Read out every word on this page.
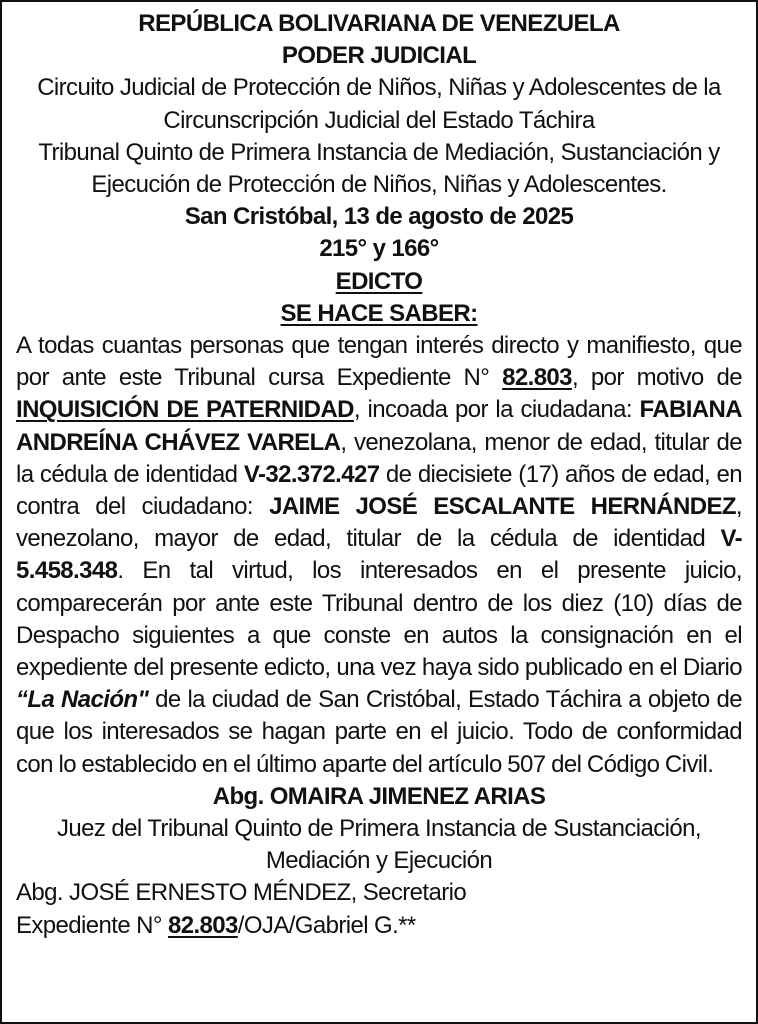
REPÚBLICA BOLIVARIANA DE VENEZUELA
PODER JUDICIAL
Circuito Judicial de Protección de Niños, Niñas y Adolescentes de la
Circunscripción Judicial del Estado Táchira
Tribunal Quinto de Primera Instancia de Mediación, Sustanciación y
Ejecución de Protección de Niños, Niñas y Adolescentes.
San Cristóbal, 13 de agosto de 2025
215° y 166°
EDICTO
SE HACE SABER:
A todas cuantas personas que tengan interés directo y manifiesto, que por ante este Tribunal cursa Expediente N° 82.803, por motivo de INQUISICIÓN DE PATERNIDAD, incoada por la ciudadana: FABIANA ANDREÍNA CHÁVEZ VARELA, venezolana, menor de edad, titular de la cédula de identidad V-32.372.427 de diecisiete (17) años de edad, en contra del ciudadano: JAIME JOSÉ ESCALANTE HERNÁNDEZ, venezolano, mayor de edad, titular de la cédula de identidad V-5.458.348. En tal virtud, los interesados en el presente juicio, comparecerán por ante este Tribunal dentro de los diez (10) días de Despacho siguientes a que conste en autos la consignación en el expediente del presente edicto, una vez haya sido publicado en el Diario “La Nación" de la ciudad de San Cristóbal, Estado Táchira a objeto de que los interesados se hagan parte en el juicio. Todo de conformidad con lo establecido en el último aparte del artículo 507 del Código Civil.
Abg. OMAIRA JIMENEZ ARIAS
Juez del Tribunal Quinto de Primera Instancia de Sustanciación,
Mediación y Ejecución
Abg. JOSÉ ERNESTO MÉNDEZ, Secretario
Expediente N° 82.803/OJA/Gabriel G.**
